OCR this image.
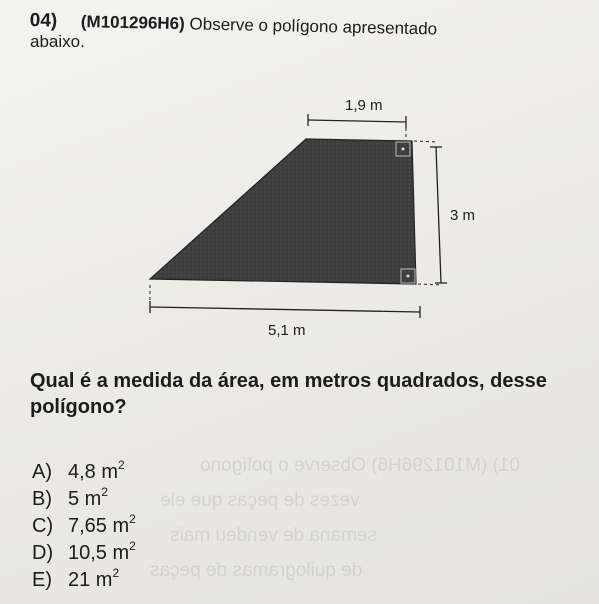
01) (M101296H6) Observe o polígono
vezes de peças que ele
semana de vendeu mais
de quilogramas de peças
04) (M101296H6) Observe o polígono apresentado
abaixo.
1,9 m
3 m
5,1 m
Qual é a medida da área, em metros quadrados, desse polígono?
A) 4,8 $m^2$
B) 5 $m^2$
C) 7,65 $m^2$
D) 10,5 $m^2$
E) 21 $m^2$
